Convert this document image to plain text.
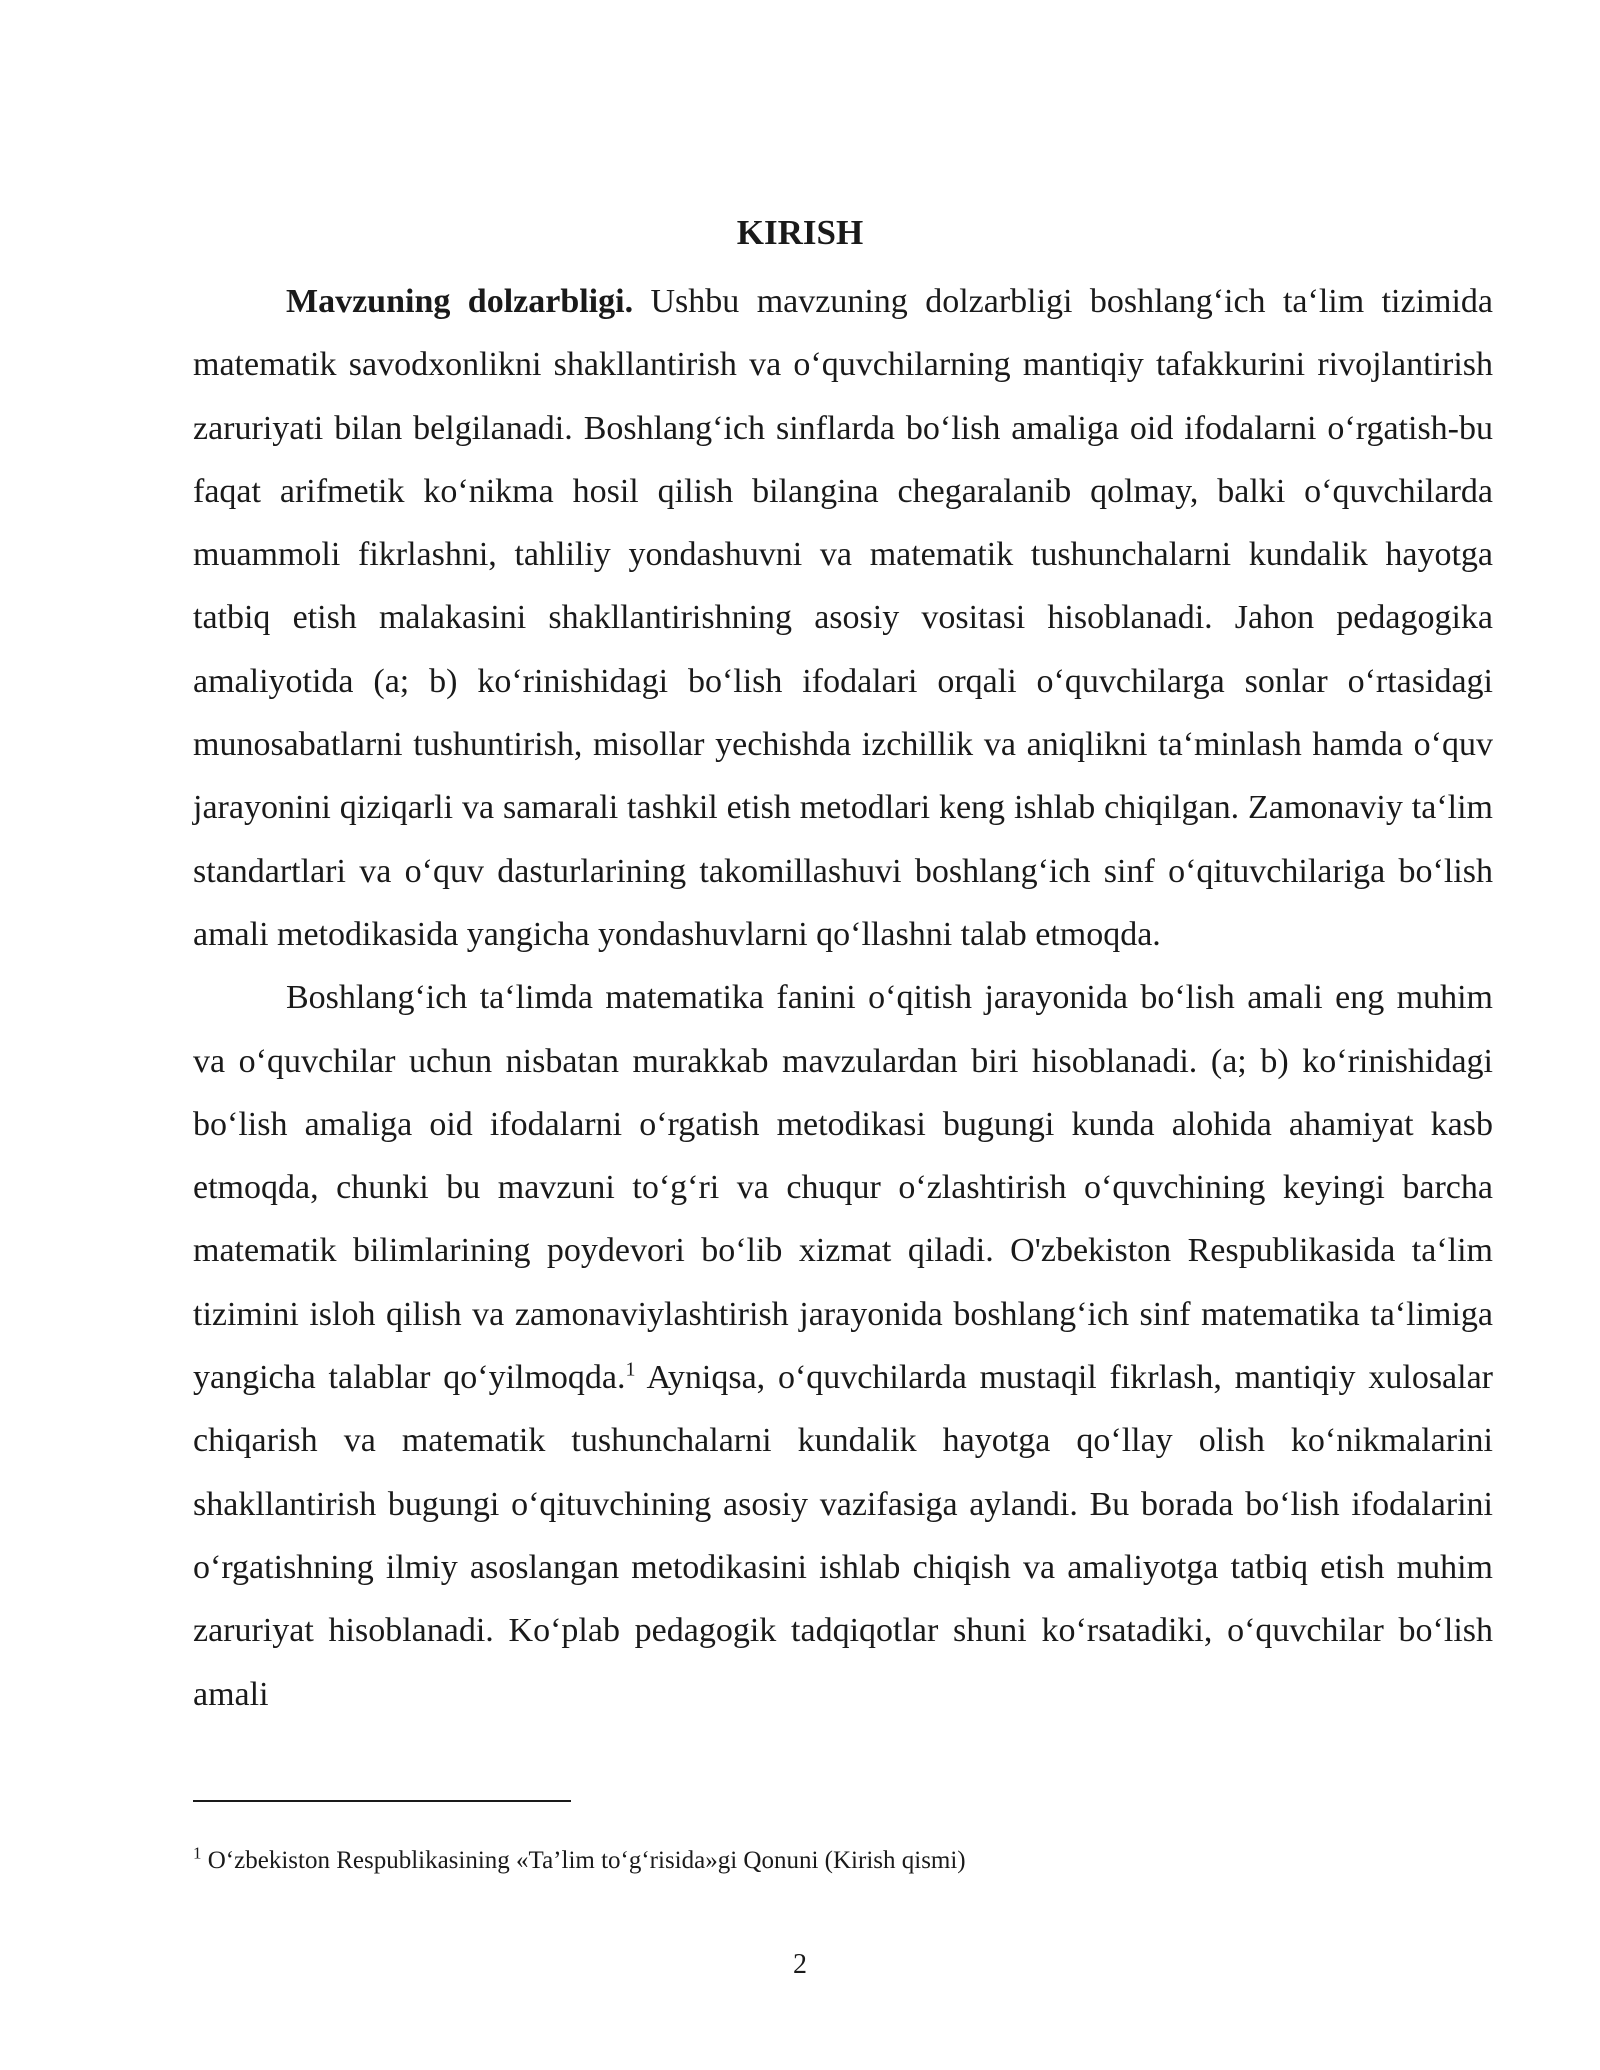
KIRISH

Mavzuning dolzarbligi. Ushbu mavzuning dolzarbligi boshlang‘ich ta‘lim tizimida matematik savodxonlikni shakllantirish va o‘quvchilarning mantiqiy tafakkurini rivojlantirish zaruriyati bilan belgilanadi. Boshlang‘ich sinflarda bo‘lish amaliga oid ifodalarni o‘rgatish-bu faqat arifmetik ko‘nikma hosil qilish bilangina chegaralanib qolmay, balki o‘quvchilarda muammoli fikrlashni, tahliliy yondashuvni va matematik tushunchalarni kundalik hayotga tatbiq etish malakasini shakllantirishning asosiy vositasi hisoblanadi. Jahon pedagogika amaliyotida (a; b) ko‘rinishidagi bo‘lish ifodalari orqali o‘quvchilarga sonlar o‘rtasidagi munosabatlarni tushuntirish, misollar yechishda izchillik va aniqlikni ta‘minlash hamda o‘quv jarayonini qiziqarli va samarali tashkil etish metodlari keng ishlab chiqilgan. Zamonaviy ta‘lim standartlari va o‘quv dasturlarining takomillashuvi boshlang‘ich sinf o‘qituvchilariga bo‘lish amali metodikasida yangicha yondashuvlarni qo‘llashni talab etmoqda.

Boshlang‘ich ta‘limda matematika fanini o‘qitish jarayonida bo‘lish amali eng muhim va o‘quvchilar uchun nisbatan murakkab mavzulardan biri hisoblanadi. (a; b) ko‘rinishidagi bo‘lish amaliga oid ifodalarni o‘rgatish metodikasi bugungi kunda alohida ahamiyat kasb etmoqda, chunki bu mavzuni to‘g‘ri va chuqur o‘zlashtirish o‘quvchining keyingi barcha matematik bilimlarining poydevori bo‘lib xizmat qiladi. O'zbekiston Respublikasida ta‘lim tizimini isloh qilish va zamonaviylashtirish jarayonida boshlang‘ich sinf matematika ta‘limiga yangicha talablar qo‘yilmoqda.$^1$ Ayniqsa, o‘quvchilarda mustaqil fikrlash, mantiqiy xulosalar chiqarish va matematik tushunchalarni kundalik hayotga qo‘llay olish ko‘nikmalarini shakllantirish bugungi o‘qituvchining asosiy vazifasiga aylandi. Bu borada bo‘lish ifodalarini o‘rgatishning ilmiy asoslangan metodikasini ishlab chiqish va amaliyotga tatbiq etish muhim zaruriyat hisoblanadi. Ko‘plab pedagogik tadqiqotlar shuni ko‘rsatadiki, o‘quvchilar bo‘lish amali

$^1$ O‘zbekiston Respublikasining «Ta’lim to‘g‘risida»gi Qonuni (Kirish qismi)

2
